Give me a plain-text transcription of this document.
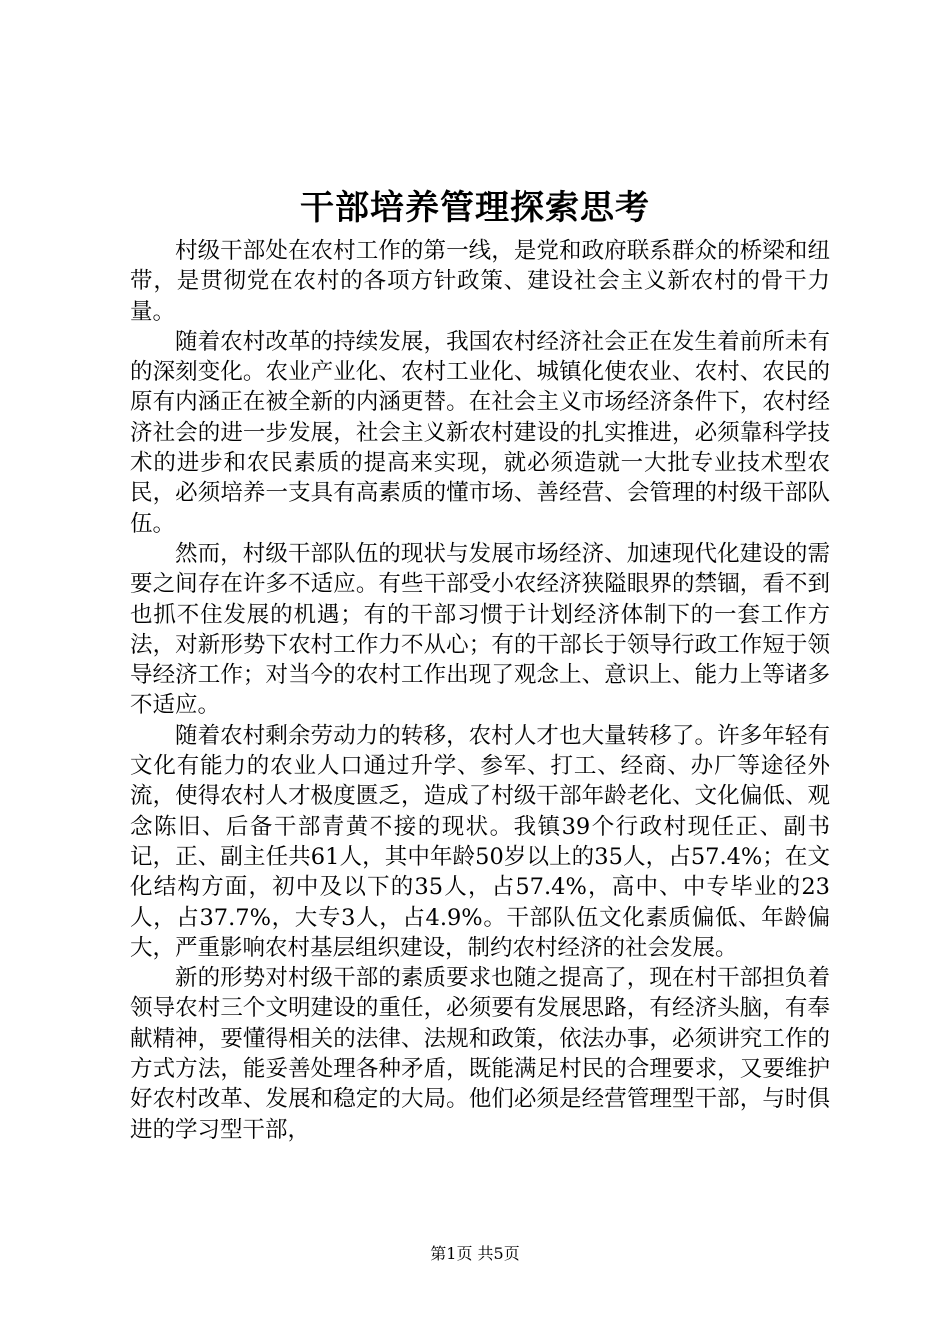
干部培养管理探索思考

村级干部处在农村工作的第一线，是党和政府联系群众的桥梁和纽带，是贯彻党在农村的各项方针政策、建设社会主义新农村的骨干力量。

随着农村改革的持续发展，我国农村经济社会正在发生着前所未有的深刻变化。农业产业化、农村工业化、城镇化使农业、农村、农民的原有内涵正在被全新的内涵更替。在社会主义市场经济条件下，农村经济社会的进一步发展，社会主义新农村建设的扎实推进，必须靠科学技术的进步和农民素质的提高来实现，就必须造就一大批专业技术型农民，必须培养一支具有高素质的懂市场、善经营、会管理的村级干部队伍。

然而，村级干部队伍的现状与发展市场经济、加速现代化建设的需要之间存在许多不适应。有些干部受小农经济狭隘眼界的禁锢，看不到也抓不住发展的机遇；有的干部习惯于计划经济体制下的一套工作方法，对新形势下农村工作力不从心；有的干部长于领导行政工作短于领导经济工作；对当今的农村工作出现了观念上、意识上、能力上等诸多不适应。

随着农村剩余劳动力的转移，农村人才也大量转移了。许多年轻有文化有能力的农业人口通过升学、参军、打工、经商、办厂等途径外流，使得农村人才极度匮乏，造成了村级干部年龄老化、文化偏低、观念陈旧、后备干部青黄不接的现状。我镇39个行政村现任正、副书记，正、副主任共61人，其中年龄50岁以上的35人，占57.4%；在文化结构方面，初中及以下的35人，占57.4%，高中、中专毕业的23人，占37.7%，大专3人，占4.9%。干部队伍文化素质偏低、年龄偏大，严重影响农村基层组织建设，制约农村经济的社会发展。

新的形势对村级干部的素质要求也随之提高了，现在村干部担负着领导农村三个文明建设的重任，必须要有发展思路，有经济头脑，有奉献精神，要懂得相关的法律、法规和政策，依法办事，必须讲究工作的方式方法，能妥善处理各种矛盾，既能满足村民的合理要求，又要维护好农村改革、发展和稳定的大局。他们必须是经营管理型干部，与时俱进的学习型干部，

第1页 共5页
